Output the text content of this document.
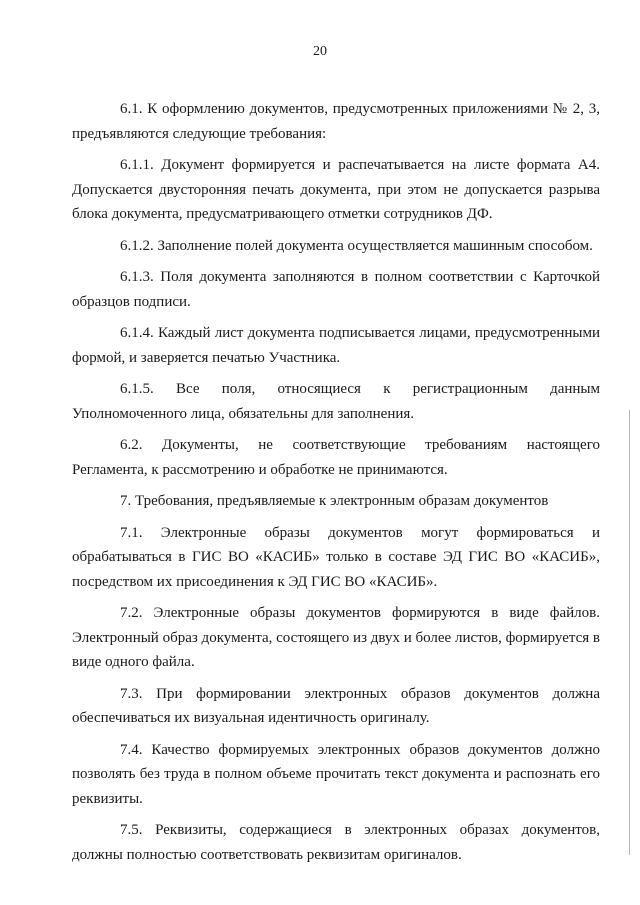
20

6.1. К оформлению документов, предусмотренных приложениями № 2, 3, предъявляются следующие требования:

6.1.1. Документ формируется и распечатывается на листе формата А4. Допускается двусторонняя печать документа, при этом не допускается разрыва блока документа, предусматривающего отметки сотрудников ДФ.

6.1.2. Заполнение полей документа осуществляется машинным способом.

6.1.3. Поля документа заполняются в полном соответствии с Карточкой образцов подписи.

6.1.4. Каждый лист документа подписывается лицами, предусмотренными формой, и заверяется печатью Участника.

6.1.5. Все поля, относящиеся к регистрационным данным Уполномоченного лица, обязательны для заполнения.

6.2. Документы, не соответствующие требованиям настоящего Регламента, к рассмотрению и обработке не принимаются.

7. Требования, предъявляемые к электронным образам документов

7.1. Электронные образы документов могут формироваться и обрабатываться в ГИС ВО «КАСИБ» только в составе ЭД ГИС ВО «КАСИБ», посредством их присоединения к ЭД ГИС ВО «КАСИБ».

7.2. Электронные образы документов формируются в виде файлов. Электронный образ документа, состоящего из двух и более листов, формируется в виде одного файла.

7.3. При формировании электронных образов документов должна обеспечиваться их визуальная идентичность оригиналу.

7.4. Качество формируемых электронных образов документов должно позволять без труда в полном объеме прочитать текст документа и распознать его реквизиты.

7.5. Реквизиты, содержащиеся в электронных образах документов, должны полностью соответствовать реквизитам оригиналов.
